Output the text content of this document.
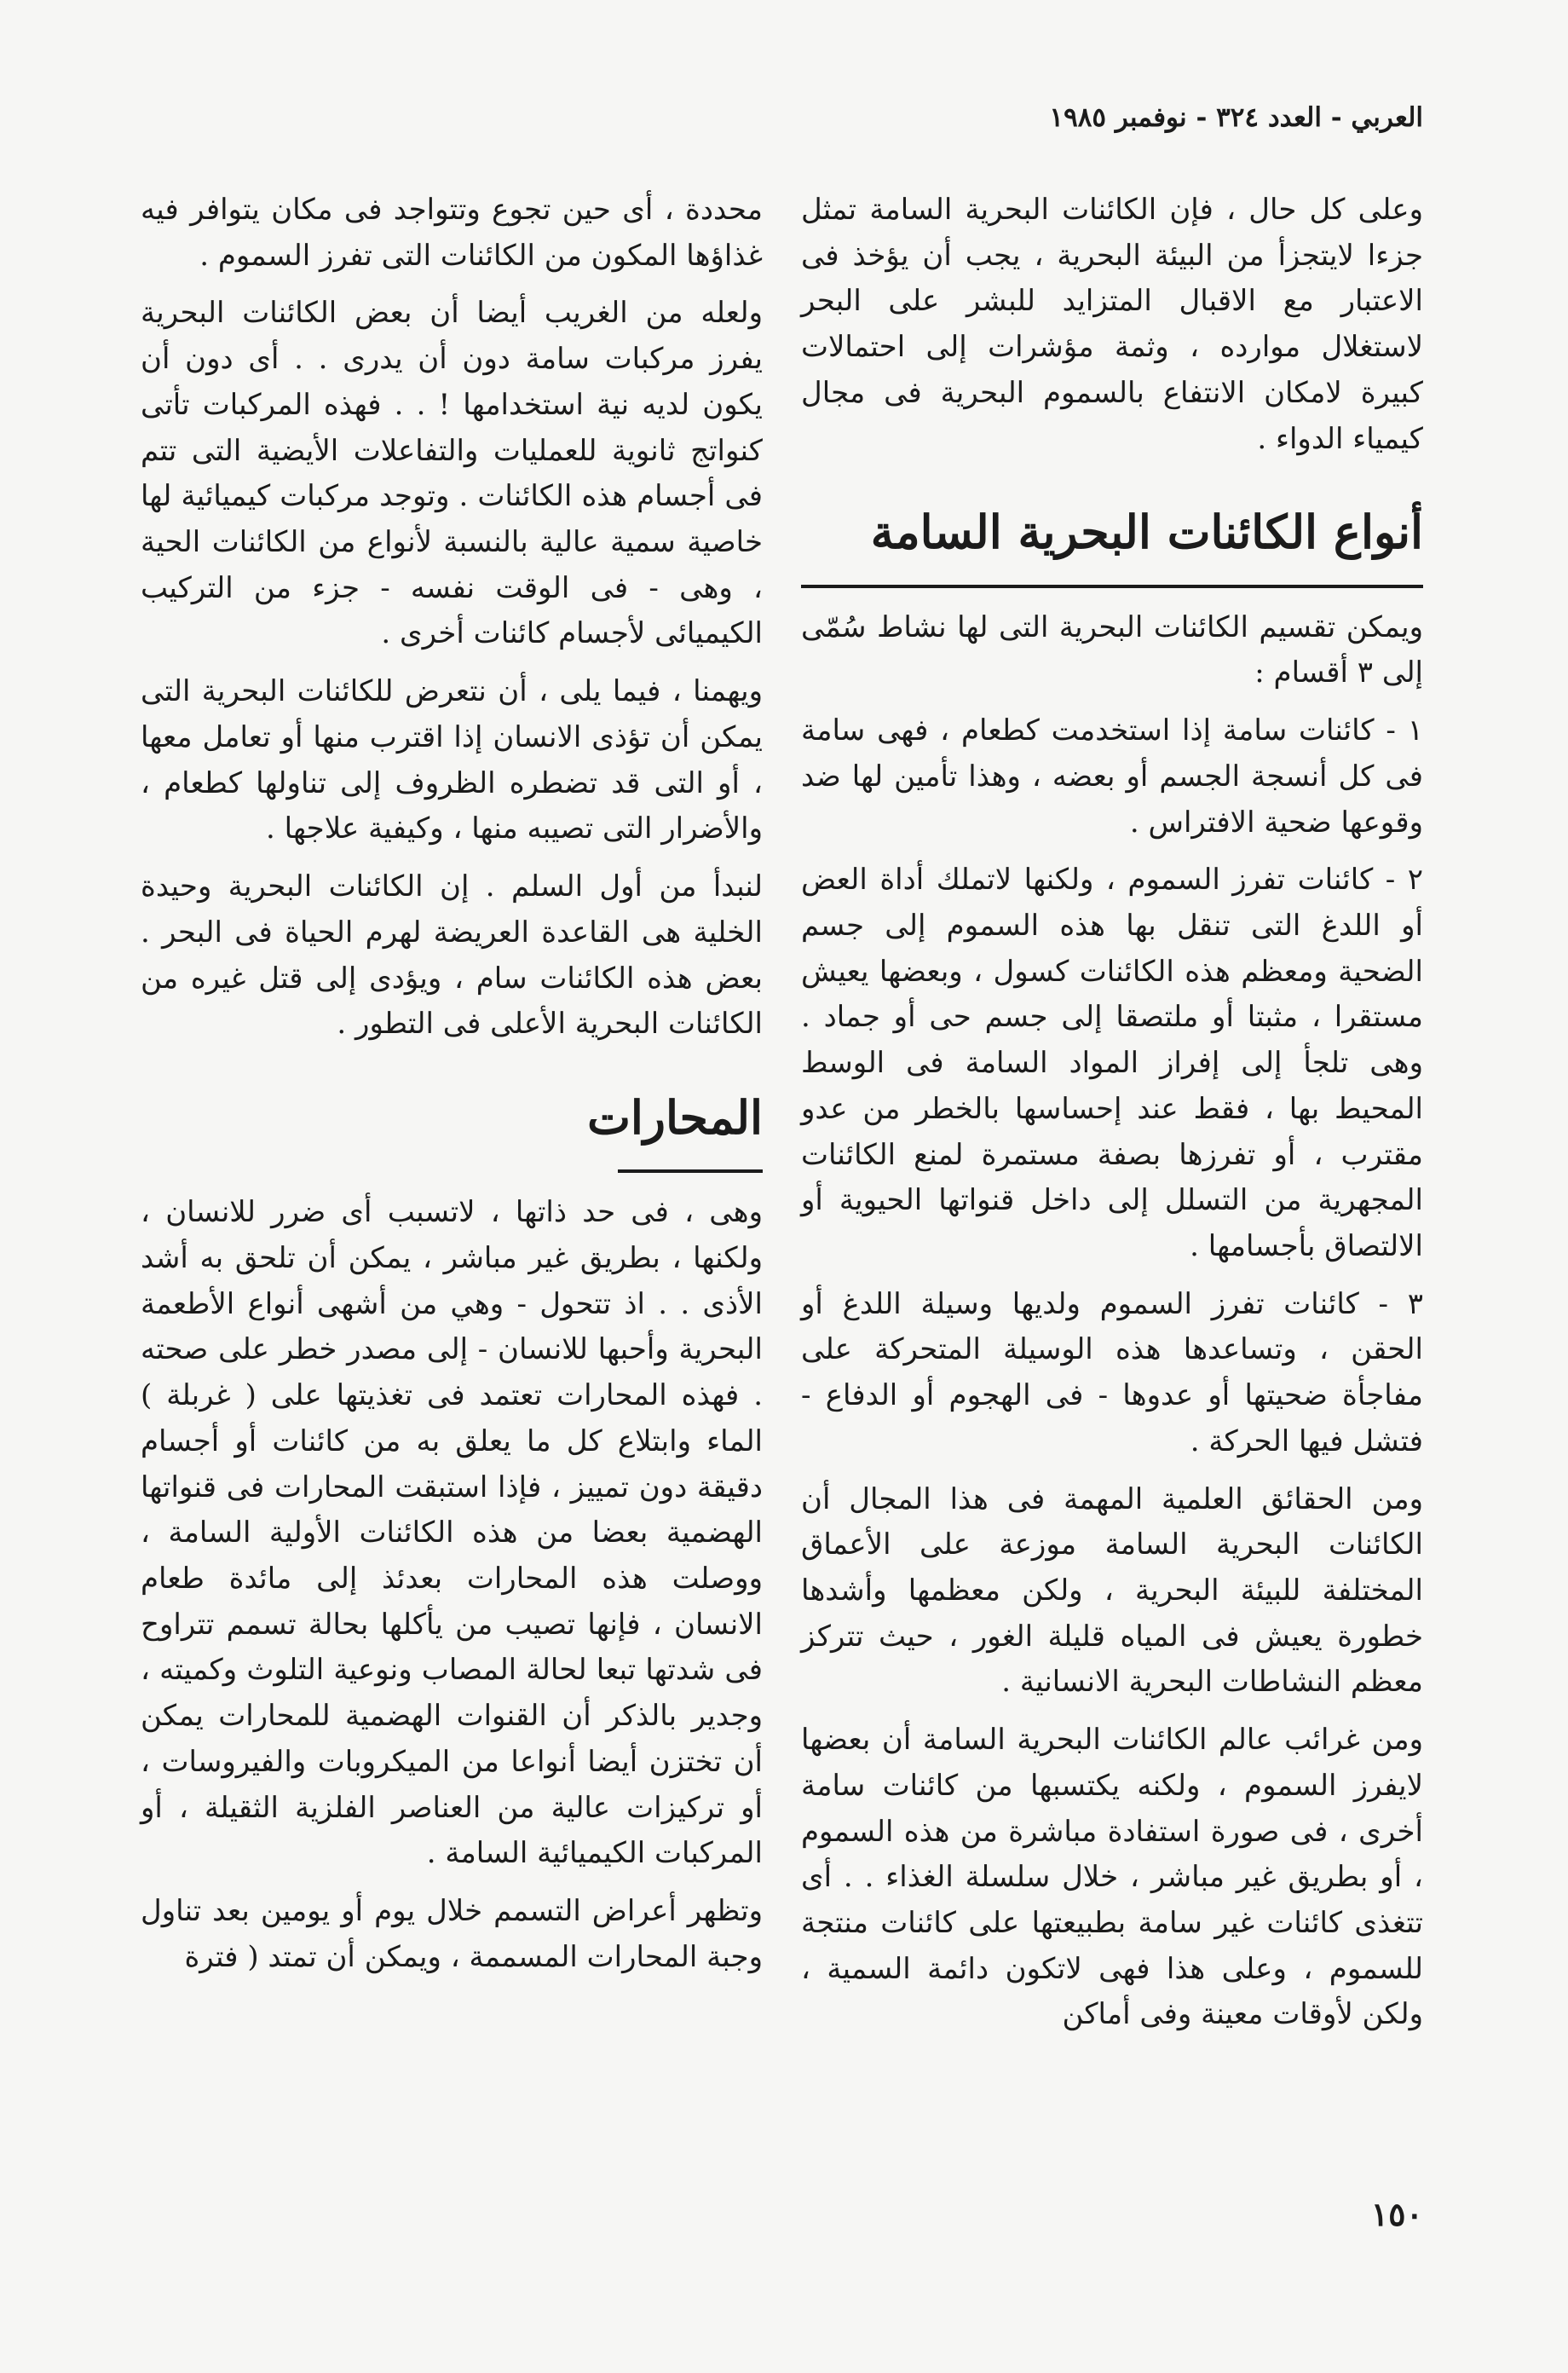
العربي - العدد ٣٢٤ - نوفمبر ١٩٨٥

وعلى كل حال ، فإن الكائنات البحرية السامة تمثل جزءا لايتجزأ من البيئة البحرية ، يجب أن يؤخذ فى الاعتبار مع الاقبال المتزايد للبشر على البحر لاستغلال موارده ، وثمة مؤشرات إلى احتمالات كبيرة لامكان الانتفاع بالسموم البحرية فى مجال كيمياء الدواء .

أنواع الكائنات البحرية السامة

ويمكن تقسيم الكائنات البحرية التى لها نشاط سُمّى إلى ٣ أقسام :

١ - كائنات سامة إذا استخدمت كطعام ، فهى سامة فى كل أنسجة الجسم أو بعضه ، وهذا تأمين لها ضد وقوعها ضحية الافتراس .

٢ - كائنات تفرز السموم ، ولكنها لاتملك أداة العض أو اللدغ التى تنقل بها هذه السموم إلى جسم الضحية ومعظم هذه الكائنات كسول ، وبعضها يعيش مستقرا ، مثبتا أو ملتصقا إلى جسم حى أو جماد . وهى تلجأ إلى إفراز المواد السامة فى الوسط المحيط بها ، فقط عند إحساسها بالخطر من عدو مقترب ، أو تفرزها بصفة مستمرة لمنع الكائنات المجهرية من التسلل إلى داخل قنواتها الحيوية أو الالتصاق بأجسامها .

٣ - كائنات تفرز السموم ولديها وسيلة اللدغ أو الحقن ، وتساعدها هذه الوسيلة المتحركة على مفاجأة ضحيتها أو عدوها - فى الهجوم أو الدفاع - فتشل فيها الحركة .

ومن الحقائق العلمية المهمة فى هذا المجال أن الكائنات البحرية السامة موزعة على الأعماق المختلفة للبيئة البحرية ، ولكن معظمها وأشدها خطورة يعيش فى المياه قليلة الغور ، حيث تتركز معظم النشاطات البحرية الانسانية .

ومن غرائب عالم الكائنات البحرية السامة أن بعضها لايفرز السموم ، ولكنه يكتسبها من كائنات سامة أخرى ، فى صورة استفادة مباشرة من هذه السموم ، أو بطريق غير مباشر ، خلال سلسلة الغذاء . . أى تتغذى كائنات غير سامة بطبيعتها على كائنات منتجة للسموم ، وعلى هذا فهى لاتكون دائمة السمية ، ولكن لأوقات معينة وفى أماكن

محددة ، أى حين تجوع وتتواجد فى مكان يتوافر فيه غذاؤها المكون من الكائنات التى تفرز السموم .

ولعله من الغريب أيضا أن بعض الكائنات البحرية يفرز مركبات سامة دون أن يدرى . . أى دون أن يكون لديه نية استخدامها ! . . فهذه المركبات تأتى كنواتج ثانوية للعمليات والتفاعلات الأيضية التى تتم فى أجسام هذه الكائنات . وتوجد مركبات كيميائية لها خاصية سمية عالية بالنسبة لأنواع من الكائنات الحية ، وهى - فى الوقت نفسه - جزء من التركيب الكيميائى لأجسام كائنات أخرى .

ويهمنا ، فيما يلى ، أن نتعرض للكائنات البحرية التى يمكن أن تؤذى الانسان إذا اقترب منها أو تعامل معها ، أو التى قد تضطره الظروف إلى تناولها كطعام ، والأضرار التى تصيبه منها ، وكيفية علاجها .

لنبدأ من أول السلم . إن الكائنات البحرية وحيدة الخلية هى القاعدة العريضة لهرم الحياة فى البحر . بعض هذه الكائنات سام ، ويؤدى إلى قتل غيره من الكائنات البحرية الأعلى فى التطور .

المحارات

وهى ، فى حد ذاتها ، لاتسبب أى ضرر للانسان ، ولكنها ، بطريق غير مباشر ، يمكن أن تلحق به أشد الأذى . . اذ تتحول - وهي من أشهى أنواع الأطعمة البحرية وأحبها للانسان - إلى مصدر خطر على صحته . فهذه المحارات تعتمد فى تغذيتها على ( غربلة ) الماء وابتلاع كل ما يعلق به من كائنات أو أجسام دقيقة دون تمييز ، فإذا استبقت المحارات فى قنواتها الهضمية بعضا من هذه الكائنات الأولية السامة ، ووصلت هذه المحارات بعدئذ إلى مائدة طعام الانسان ، فإنها تصيب من يأكلها بحالة تسمم تتراوح فى شدتها تبعا لحالة المصاب ونوعية التلوث وكميته ، وجدير بالذكر أن القنوات الهضمية للمحارات يمكن أن تختزن أيضا أنواعا من الميكروبات والفيروسات ، أو تركيزات عالية من العناصر الفلزية الثقيلة ، أو المركبات الكيميائية السامة .

وتظهر أعراض التسمم خلال يوم أو يومين بعد تناول وجبة المحارات المسممة ، ويمكن أن تمتد ( فترة

١٥٠
